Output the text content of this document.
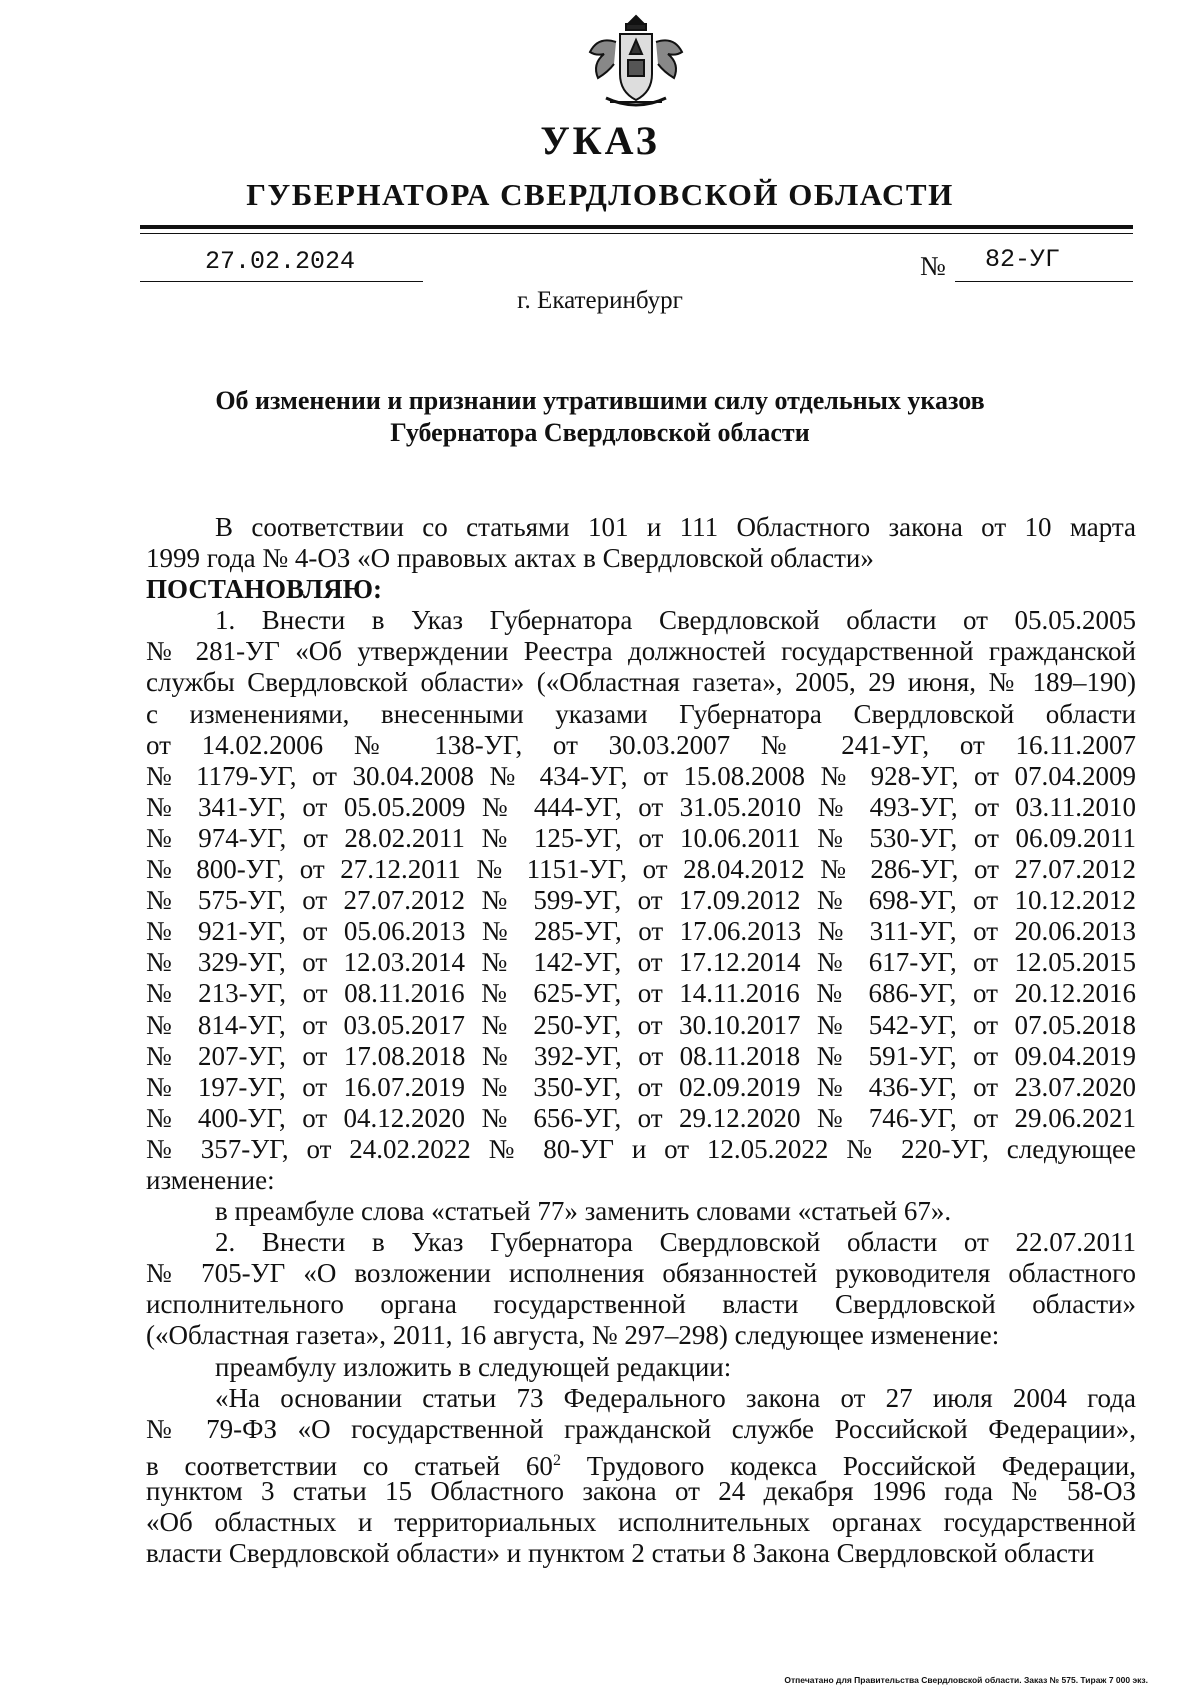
УКАЗ
ГУБЕРНАТОРА СВЕРДЛОВСКОЙ ОБЛАСТИ
27.02.2024	№ 82-УГ
г. Екатеринбург
Об изменении и признании утратившими силу отдельных указов
Губернатора Свердловской области
В соответствии со статьями 101 и 111 Областного закона от 10 марта
1999 года № 4-ОЗ «О правовых актах в Свердловской области»
ПОСТАНОВЛЯЮ:
1. Внести в Указ Губернатора Свердловской области от 05.05.2005
№ 281-УГ «Об утверждении Реестра должностей государственной гражданской
службы Свердловской области» («Областная газета», 2005, 29 июня, № 189–190)
с изменениями, внесенными указами Губернатора Свердловской области
от 14.02.2006 № 138-УГ, от 30.03.2007 № 241-УГ, от 16.11.2007
№ 1179-УГ, от 30.04.2008 № 434-УГ, от 15.08.2008 № 928-УГ, от 07.04.2009
№ 341-УГ, от 05.05.2009 № 444-УГ, от 31.05.2010 № 493-УГ, от 03.11.2010
№ 974-УГ, от 28.02.2011 № 125-УГ, от 10.06.2011 № 530-УГ, от 06.09.2011
№ 800-УГ, от 27.12.2011 № 1151-УГ, от 28.04.2012 № 286-УГ, от 27.07.2012
№ 575-УГ, от 27.07.2012 № 599-УГ, от 17.09.2012 № 698-УГ, от 10.12.2012
№ 921-УГ, от 05.06.2013 № 285-УГ, от 17.06.2013 № 311-УГ, от 20.06.2013
№ 329-УГ, от 12.03.2014 № 142-УГ, от 17.12.2014 № 617-УГ, от 12.05.2015
№ 213-УГ, от 08.11.2016 № 625-УГ, от 14.11.2016 № 686-УГ, от 20.12.2016
№ 814-УГ, от 03.05.2017 № 250-УГ, от 30.10.2017 № 542-УГ, от 07.05.2018
№ 207-УГ, от 17.08.2018 № 392-УГ, от 08.11.2018 № 591-УГ, от 09.04.2019
№ 197-УГ, от 16.07.2019 № 350-УГ, от 02.09.2019 № 436-УГ, от 23.07.2020
№ 400-УГ, от 04.12.2020 № 656-УГ, от 29.12.2020 № 746-УГ, от 29.06.2021
№ 357-УГ, от 24.02.2022 № 80-УГ и от 12.05.2022 № 220-УГ, следующее
изменение:
в преамбуле слова «статьей 77» заменить словами «статьей 67».
2. Внести в Указ Губернатора Свердловской области от 22.07.2011
№ 705-УГ «О возложении исполнения обязанностей руководителя областного
исполнительного органа государственной власти Свердловской области»
(«Областная газета», 2011, 16 августа, № 297–298) следующее изменение:
преамбулу изложить в следующей редакции:
«На основании статьи 73 Федерального закона от 27 июля 2004 года
№ 79-ФЗ «О государственной гражданской службе Российской Федерации»,
в соответствии со статьей $60^2$ Трудового кодекса Российской Федерации,
пунктом 3 статьи 15 Областного закона от 24 декабря 1996 года № 58-ОЗ
«Об областных и территориальных исполнительных органах государственной
власти Свердловской области» и пунктом 2 статьи 8 Закона Свердловской области
Отпечатано для Правительства Свердловской области. Заказ № 575. Тираж 7 000 экз.
